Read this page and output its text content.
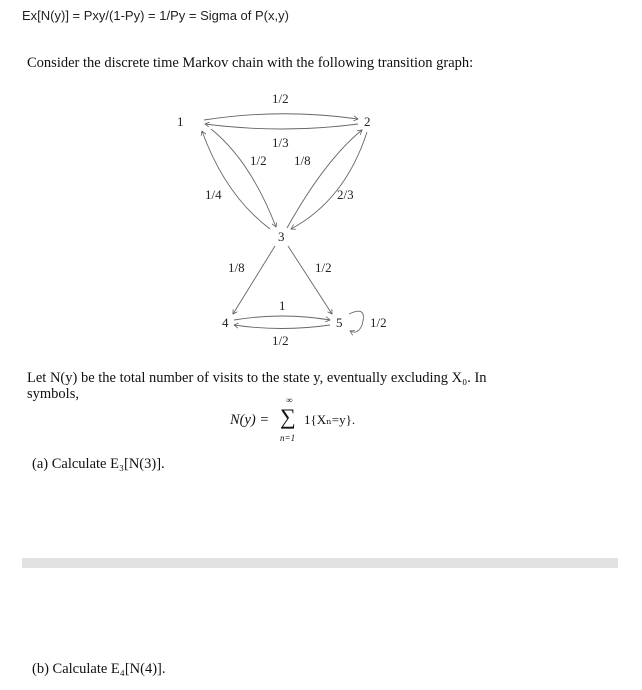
Ex[N(y)] = Pxy/(1-Py) = 1/Py = Sigma of P(x,y)
Consider the discrete time Markov chain with the following transition graph:
1	2
3
4	5
1/2
1/3
1/2 1/8
1/4	2/3
1/8	1/2
1
1/2
1/2
Let N(y) be the total number of visits to the state y, eventually excluding X₀. In
symbols,
N(y) =
∞
∑
n=1
1{Xₙ=y}.
(a) Calculate E₃[N(3)].
(b) Calculate E₄[N(4)].
